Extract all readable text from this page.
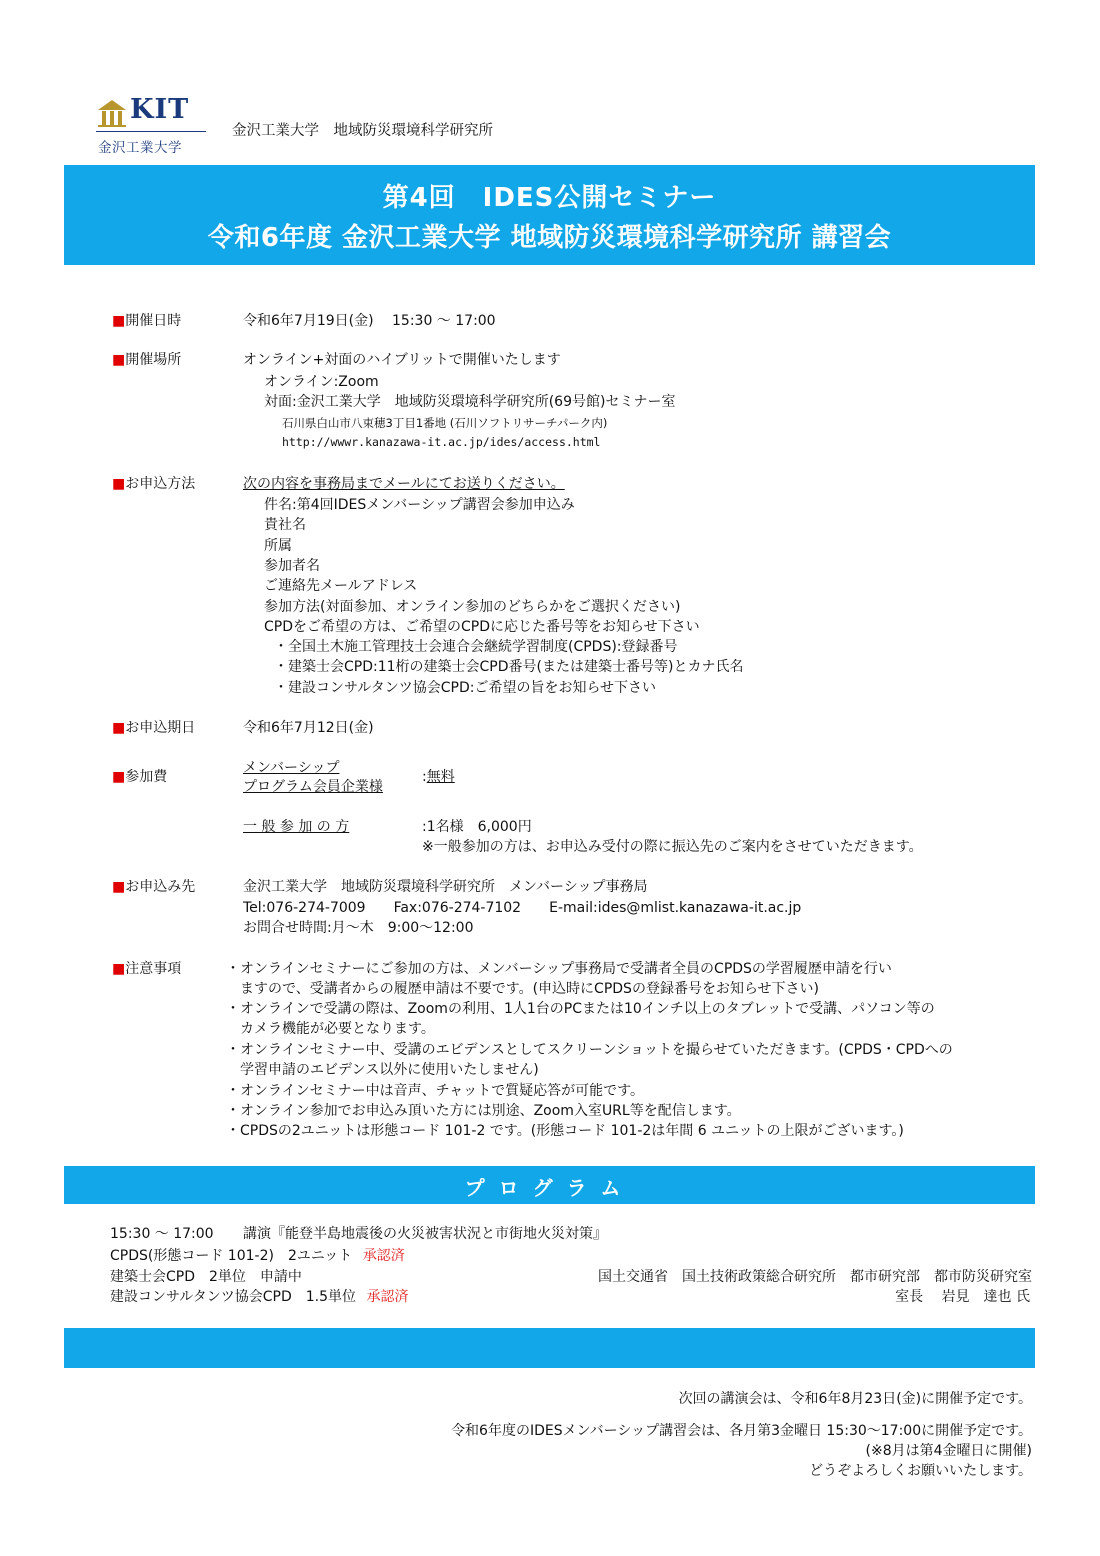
KIT
金沢工業大学
金沢工業大学　地域防災環境科学研究所
第4回　IDES公開セミナー
令和6年度 金沢工業大学 地域防災環境科学研究所 講習会
■開催日時	令和6年7月19日(金)　 15:30 ～ 17:00
■開催場所	オンライン+対面のハイブリットで開催いたします
オンライン:Zoom
対面:金沢工業大学　地域防災環境科学研究所(69号館)セミナー室
石川県白山市八束穂3丁目1番地 (石川ソフトリサーチパーク内)
http://wwwr.kanazawa-it.ac.jp/ides/access.html
■お申込方法	次の内容を事務局までメールにてお送りください。
件名:第4回IDESメンバーシップ講習会参加申込み
貴社名
所属
参加者名
ご連絡先メールアドレス
参加方法(対面参加、オンライン参加のどちらかをご選択ください)
CPDをご希望の方は、ご希望のCPDに応じた番号等をお知らせ下さい
・全国土木施工管理技士会連合会継続学習制度(CPDS):登録番号
・建築士会CPD:11桁の建築士会CPD番号(または建築士番号等)とカナ氏名
・建設コンサルタンツ協会CPD:ご希望の旨をお知らせ下さい
■お申込期日	令和6年7月12日(金)
■参加費
メンバーシップ
プログラム会員企業様
:無料
一 般 参 加 の 方	:1名様　6,000円
※一般参加の方は、お申込み受付の際に振込先のご案内をさせていただきます。
■お申込み先	金沢工業大学　地域防災環境科学研究所　メンバーシップ事務局
Tel:076-274-7009　　Fax:076-274-7102　　E-mail:ides@mlist.kanazawa-it.ac.jp
お問合せ時間:月～木　9:00～12:00
■注意事項	・オンラインセミナーにご参加の方は、メンバーシップ事務局で受講者全員のCPDSの学習履歴申請を行い
　ますので、受講者からの履歴申請は不要です。(申込時にCPDSの登録番号をお知らせ下さい)
・オンラインで受講の際は、Zoomの利用、1人1台のPCまたは10インチ以上のタブレットで受講、パソコン等の
　カメラ機能が必要となります。
・オンラインセミナー中、受講のエビデンスとしてスクリーンショットを撮らせていただきます。(CPDS・CPDへの
　学習申請のエビデンス以外に使用いたしません)
・オンラインセミナー中は音声、チャットで質疑応答が可能です。
・オンライン参加でお申込み頂いた方には別途、Zoom入室URL等を配信します。
・CPDSの2ユニットは形態コード 101-2 です。(形態コード 101-2は年間 6 ユニットの上限がございます。)
プログラム
15:30 ～ 17:00 講演『能登半島地震後の火災被害状況と市街地火災対策』
CPDS(形態コード 101-2)　2ユニット 承認済
建築士会CPD　2単位　申請中
建設コンサルタンツ協会CPD　1.5単位 承認済
国土交通省　国土技術政策総合研究所　都市研究部　都市防災研究室
室長　 岩見　達也 氏
次回の講演会は、令和6年8月23日(金)に開催予定です。
令和6年度のIDESメンバーシップ講習会は、各月第3金曜日 15:30～17:00に開催予定です。
(※8月は第4金曜日に開催)
どうぞよろしくお願いいたします。
